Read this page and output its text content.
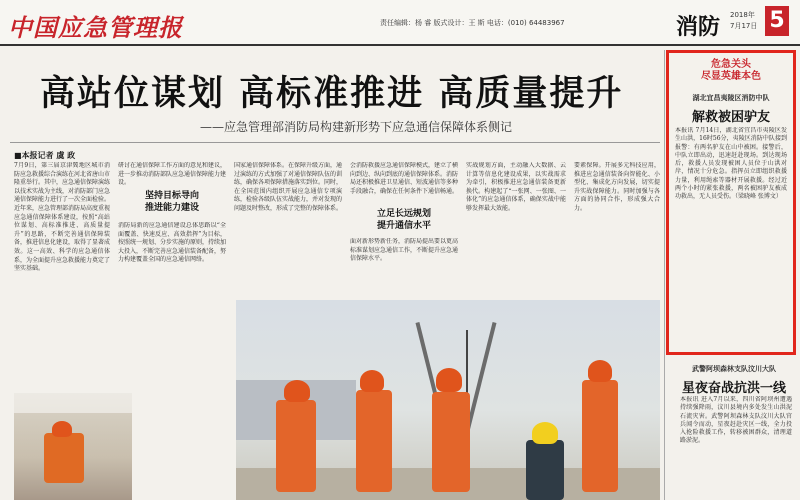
中国应急管理报	责任编辑：杨 睿 版式设计：王 斯 电话：(010) 64483967	消防 2018年
7月17日 5
高站位谋划 高标准推进 高质量提升
——应急管理部消防局构建新形势下应急通信保障体系侧记
■本报记者 虞 政

7月9日，第三届京津冀地区城市消防应急救援综合演练在河北省唐山市隆重举行。其中，应急通信保障演练以技术实战为主线，对消防部门应急通信保障能力进行了一次全面检验。近年来，应急管理部消防局高度重视应急通信保障体系建设，按照“高站位谋划、高标准推进、高质量提升”的思路，不断完善通信保障装备，推进信息化建设，取得了显著成效。这一高效、科学的应急通信体系，为全面提升应急救援能力奠定了坚实基础。

研讨在通信保障工作方面的意见和建议，进一步推动消防部队应急通信保障能力建设。

坚持目标导向
推进能力建设

消防局新的应急通信建设总体思路以“全面覆盖、快速反应、高效指挥”为目标，按照统一规划、分步实施的原则，持续加大投入，不断完善应急通信装备配备，努力构建覆盖全国的应急通信网络。

国家通信保障体系。在保障升级方面，通过演练的方式加强了对通信保障队伍的训练，确保各项保障措施落实到位。同时，在全国范围内组织开展应急通信专项演练，检验各级队伍实战能力，并对发现的问题及时整改，形成了完整的保障体系。

会消防救援应急通信保障模式，建立了横向到边、纵向到底的通信保障体系。消防局还积极推进卫星通信、短波通信等多种手段融合，确保在任何条件下通信畅通。

立足长远规划
提升通信水平

面对新形势新任务，消防局提出要以更高标准谋划应急通信工作，不断提升应急通信保障水平。

实战规划方面，主动融入大数据、云计算等信息化建设成果，以实战需求为牵引，积极推进应急通信装备更新换代。构建起了“一张网、一张图、一体化”的应急通信体系，确保实战中能够发挥最大效能。

要素保障。开展多元科技应用，推进应急通信装备向智能化、小型化、集成化方向发展，切实提升实战保障能力。同时加强与各方面的协同合作，形成强大合力。

危急关头
尽显英雄本色
湖北宜昌夷陵区消防中队
解救被困驴友
本报讯 7月14日，湖北省宜昌市夷陵区发生山洪，16时56分，夷陵区消防中队接到报警：有两名驴友在山中被困。接警后，中队立即出动，迅速赶赴现场。到达现场后，救援人员发现被困人员位于山洪对岸，情况十分危急。指挥员立即组织救援力量，利用绳索等器材开展救援。经过近两个小时的紧张救援，两名被困驴友被成功救出，无人员受伤。（梁晓峰 张博文）
武警阿坝森林支队汶川大队
星夜奋战抗洪一线
本报讯 进入7月以来，四川省阿坝州遭遇持续强降雨，汶川县境内多处发生山洪泥石流灾害。武警阿坝森林支队汶川大队官兵闻令而动，星夜赶赴灾区一线，全力投入抢险救援工作，转移被困群众，清理道路淤泥。
